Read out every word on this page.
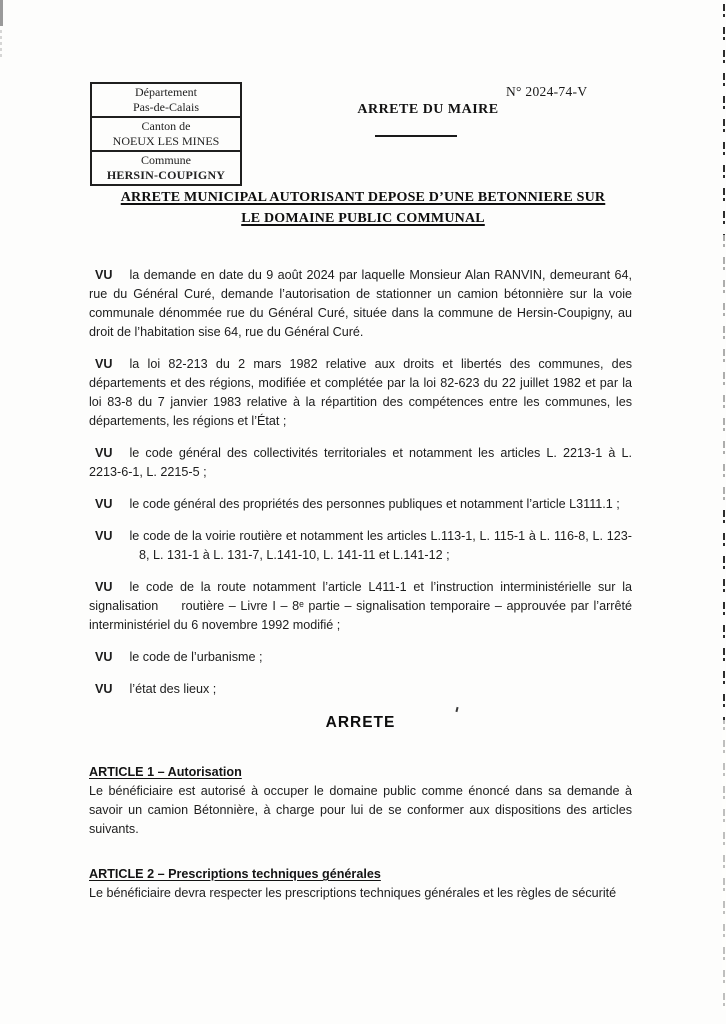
Département
Pas-de-Calais
Canton de
NOEUX LES MINES
Commune
HERSIN-COUPIGNY
N° 2024-74-V
ARRETE DU MAIRE
ARRETE MUNICIPAL AUTORISANT DEPOSE D’UNE BETONNIERE SUR
LE DOMAINE PUBLIC COMMUNAL

VU la demande en date du 9 août 2024 par laquelle Monsieur Alan RANVIN, demeurant 64, rue du Général Curé, demande l’autorisation de stationner un camion bétonnière sur la voie communale dénommée rue du Général Curé, située dans la commune de Hersin-Coupigny, au droit de l’habitation sise 64, rue du Général Curé.

VU la loi 82-213 du 2 mars 1982 relative aux droits et libertés des communes, des départements et des régions, modifiée et complétée par la loi 82-623 du 22 juillet 1982 et par la loi 83-8 du 7 janvier 1983 relative à la répartition des compétences entre les communes, les départements, les régions et l’État ;

VU le code général des collectivités territoriales et notamment les articles L. 2213-1 à L. 2213-6-1, L. 2215-5 ;

VU le code général des propriétés des personnes publiques et notamment l’article L3111.1 ;

VU le code de la voirie routière et notamment les articles L.113-1, L. 115-1 à L. 116-8, L. 123-8, L. 131-1 à L. 131-7, L.141-10, L. 141-11 et L.141-12 ;

VU le code de la route notamment l’article L411-1 et l’instruction interministérielle sur la signalisation     routière – Livre I – 8ᵉ partie – signalisation temporaire – approuvée par l’arrêté interministériel du 6 novembre 1992 modifié ;

VU le code de l’urbanisme ;

VU l’état des lieux ;

ARRETE

ARTICLE 1 – Autorisation

Le bénéficiaire est autorisé à occuper le domaine public comme énoncé dans sa demande à savoir un camion Bétonnière, à charge pour lui de se conformer aux dispositions des articles suivants.

ARTICLE 2 – Prescriptions techniques générales

Le bénéficiaire devra respecter les prescriptions techniques générales et les règles de sécurité
